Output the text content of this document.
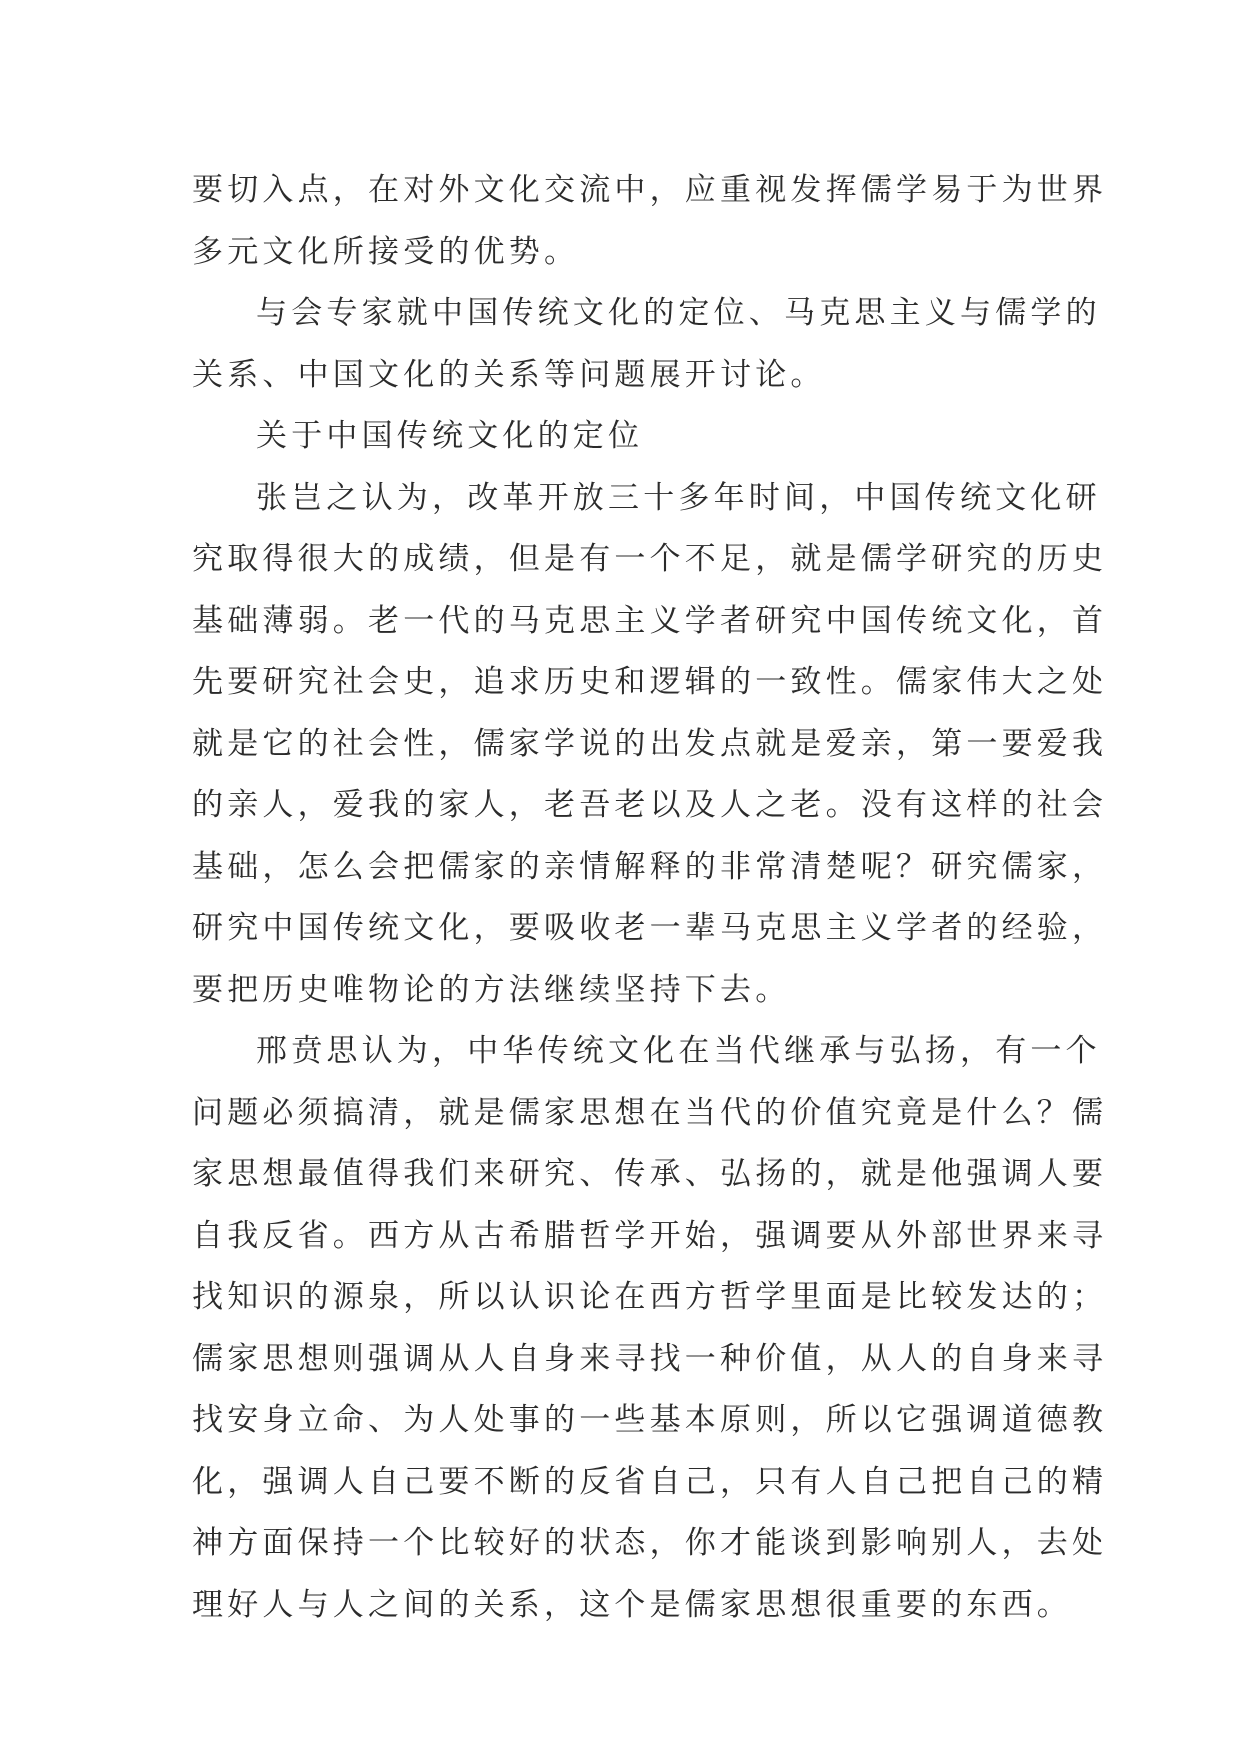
要切入点，在对外文化交流中，应重视发挥儒学易于为世界
多元文化所接受的优势。
与会专家就中国传统文化的定位、马克思主义与儒学的
关系、中国文化的关系等问题展开讨论。
关于中国传统文化的定位
张岂之认为，改革开放三十多年时间，中国传统文化研
究取得很大的成绩，但是有一个不足，就是儒学研究的历史
基础薄弱。老一代的马克思主义学者研究中国传统文化，首
先要研究社会史，追求历史和逻辑的一致性。儒家伟大之处
就是它的社会性，儒家学说的出发点就是爱亲，第一要爱我
的亲人，爱我的家人，老吾老以及人之老。没有这样的社会
基础，怎么会把儒家的亲情解释的非常清楚呢？研究儒家，
研究中国传统文化，要吸收老一辈马克思主义学者的经验，
要把历史唯物论的方法继续坚持下去。
邢贲思认为，中华传统文化在当代继承与弘扬，有一个
问题必须搞清，就是儒家思想在当代的价值究竟是什么？儒
家思想最值得我们来研究、传承、弘扬的，就是他强调人要
自我反省。西方从古希腊哲学开始，强调要从外部世界来寻
找知识的源泉，所以认识论在西方哲学里面是比较发达的；
儒家思想则强调从人自身来寻找一种价值，从人的自身来寻
找安身立命、为人处事的一些基本原则，所以它强调道德教
化，强调人自己要不断的反省自己，只有人自己把自己的精
神方面保持一个比较好的状态，你才能谈到影响别人，去处
理好人与人之间的关系，这个是儒家思想很重要的东西。
